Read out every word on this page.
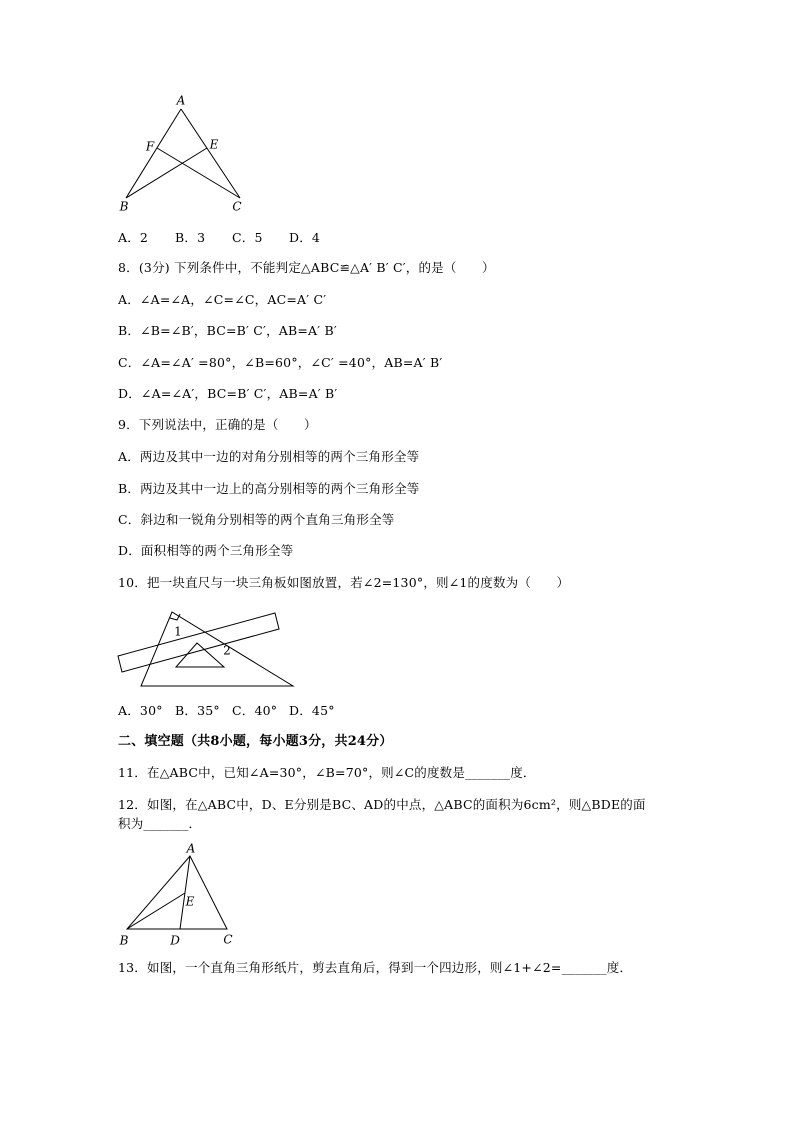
A
F	E
B	C
A．2 B．3 C．5 D．4
8．(3分) 下列条件中，不能判定△ABC≌△A′ B′ C′，的是（　　）
A．∠A=∠A，∠C=∠C，AC=A′ C′
B．∠B=∠B′，BC=B′ C′，AB=A′ B′
C．∠A=∠A′ =80°，∠B=60°，∠C′ =40°，AB=A′ B′
D．∠A=∠A′，BC=B′ C′，AB=A′ B′
9．下列说法中，正确的是（　　）
A．两边及其中一边的对角分别相等的两个三角形全等
B．两边及其中一边上的高分别相等的两个三角形全等
C．斜边和一锐角分别相等的两个直角三角形全等
D．面积相等的两个三角形全等
10．把一块直尺与一块三角板如图放置，若∠2=130°，则∠1的度数为（　　）
1
2
A．30° B．35° C．40° D．45°
二、填空题（共8小题，每小题3分，共24分）
11．在△ABC中，已知∠A=30°，∠B=70°，则∠C的度数是_______度．
12．如图，在△ABC中，D、E分别是BC、AD的中点，△ABC的面积为6cm²，则△BDE的面
积为_______．
A
E
B	D	C
13．如图，一个直角三角形纸片，剪去直角后，得到一个四边形，则∠1+∠2=_______度．
